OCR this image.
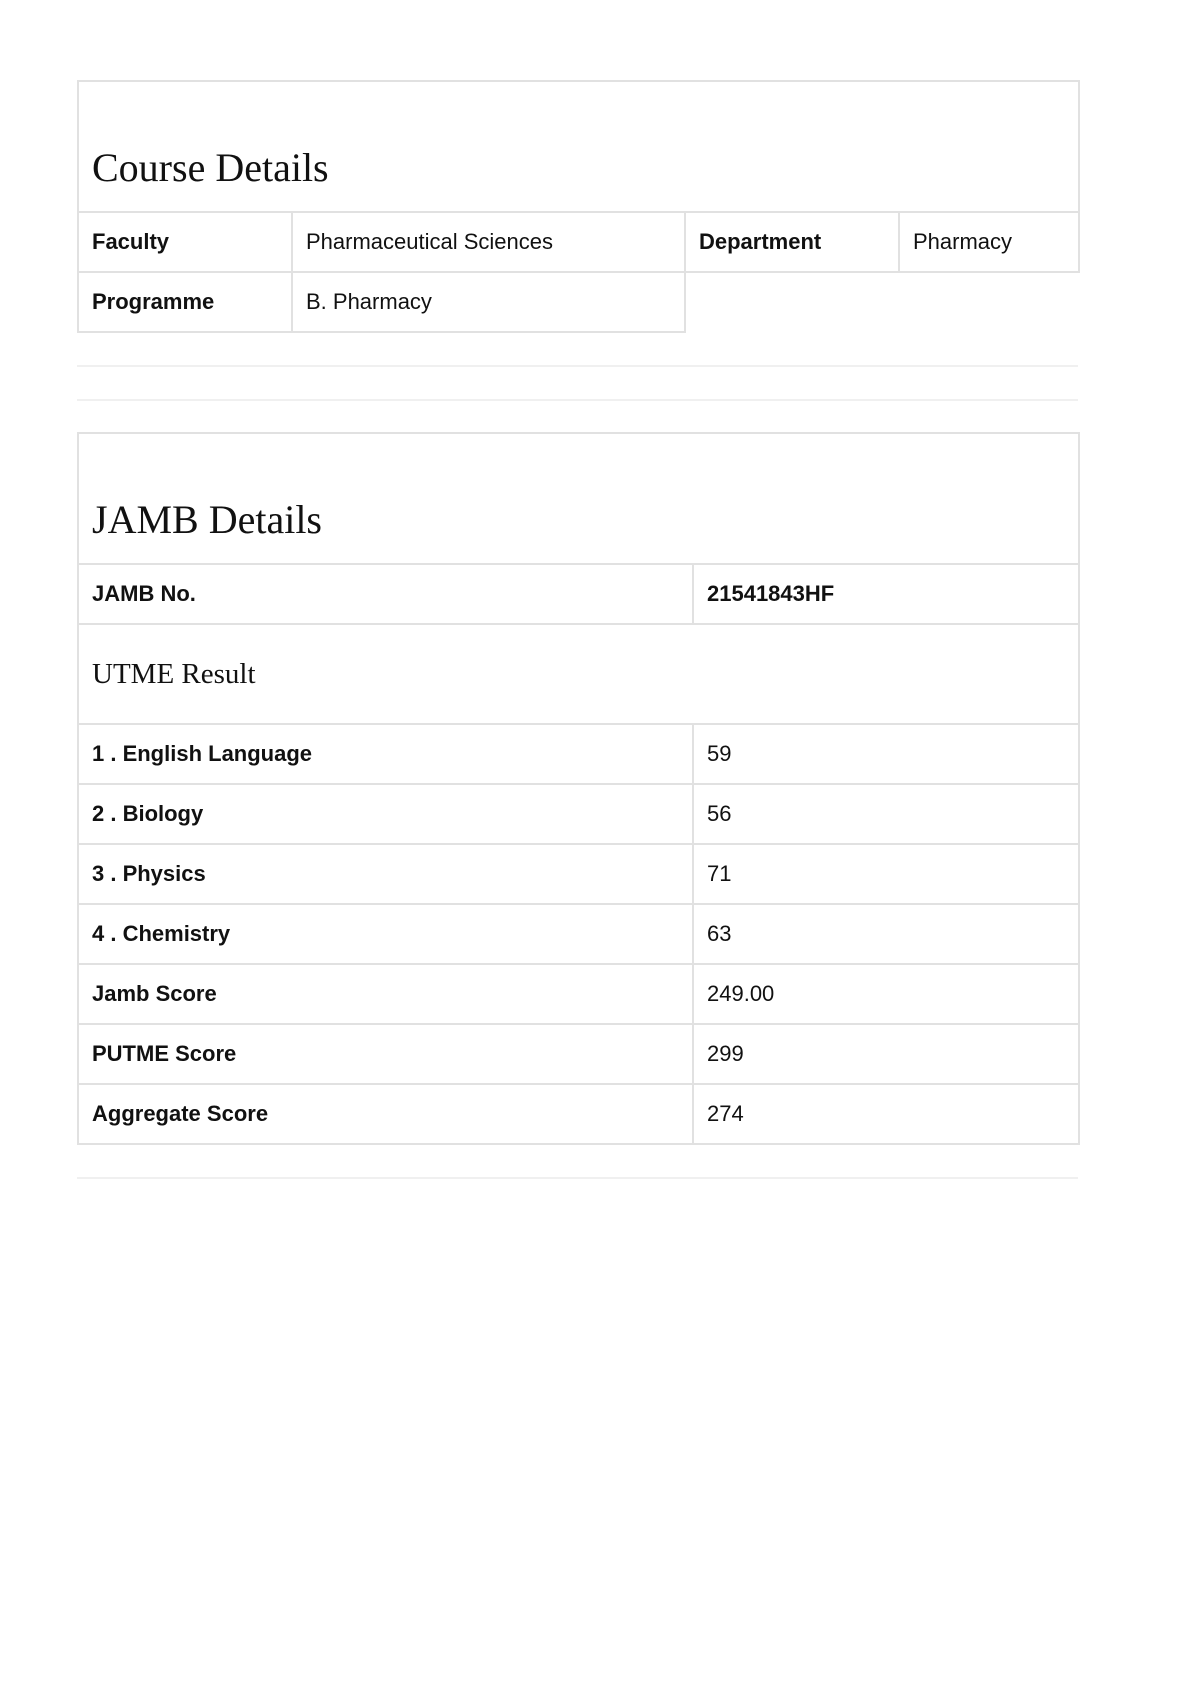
Course Details			
Faculty	Pharmaceutical Sciences	Department	Pharmacy
Programme	B. Pharmacy		
JAMB Details	
JAMB No.	21541843HF
UTME Result	
1 . English Language	59
2 . Biology	56
3 . Physics	71
4 . Chemistry	63
Jamb Score	249.00
PUTME Score	299
Aggregate Score	274
